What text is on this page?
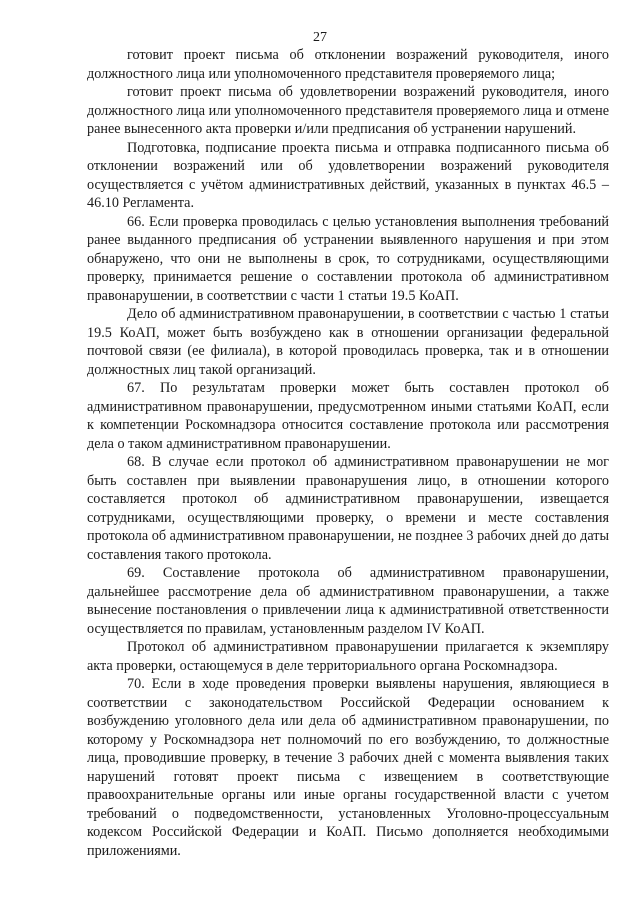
27

готовит проект письма об отклонении возражений руководителя, иного должностного лица или уполномоченного представителя проверяемого лица;

готовит проект письма об удовлетворении возражений руководителя, иного должностного лица или уполномоченного представителя проверяемого лица и отмене ранее вынесенного акта проверки и/или предписания об устранении нарушений.

Подготовка, подписание проекта письма и отправка подписанного письма об отклонении возражений или об удовлетворении возражений руководителя осуществляется с учётом административных действий, указанных в пунктах 46.5 – 46.10 Регламента.

66. Если проверка проводилась с целью установления выполнения требований ранее выданного предписания об устранении выявленного нарушения и при этом обнаружено, что они не выполнены в срок, то сотрудниками, осуществляющими проверку, принимается решение о составлении протокола об административном правонарушении, в соответствии с части 1 статьи 19.5 КоАП.

Дело об административном правонарушении, в соответствии с частью 1 статьи 19.5 КоАП, может быть возбуждено как в отношении организации федеральной почтовой связи (ее филиала), в которой проводилась проверка, так и в отношении должностных лиц такой организаций.

67. По результатам проверки может быть составлен протокол об административном правонарушении, предусмотренном иными статьями КоАП, если к компетенции Роскомнадзора относится составление протокола или рассмотрения дела о таком административном правонарушении.

68. В случае если протокол об административном правонарушении не мог быть составлен при выявлении правонарушения лицо, в отношении которого составляется протокол об административном правонарушении, извещается сотрудниками, осуществляющими проверку, о времени и месте составления протокола об административном правонарушении, не позднее 3 рабочих дней до даты составления такого протокола.

69. Составление протокола об административном правонарушении, дальнейшее рассмотрение дела об административном правонарушении, а также вынесение постановления о привлечении лица к административной ответственности осуществляется по правилам, установленным разделом IV КоАП.

Протокол об административном правонарушении прилагается к экземпляру акта проверки, остающемуся в деле территориального органа Роскомнадзора.

70. Если в ходе проведения проверки выявлены нарушения, являющиеся в соответствии с законодательством Российской Федерации основанием к возбуждению уголовного дела или дела об административном правонарушении, по которому у Роскомнадзора нет полномочий по его возбуждению, то должностные лица, проводившие проверку, в течение 3 рабочих дней с момента выявления таких нарушений готовят проект письма с извещением в соответствующие правоохранительные органы или иные органы государственной власти с учетом требований о подведомственности, установленных Уголовно-процессуальным кодексом Российской Федерации и КоАП. Письмо дополняется необходимыми приложениями.
